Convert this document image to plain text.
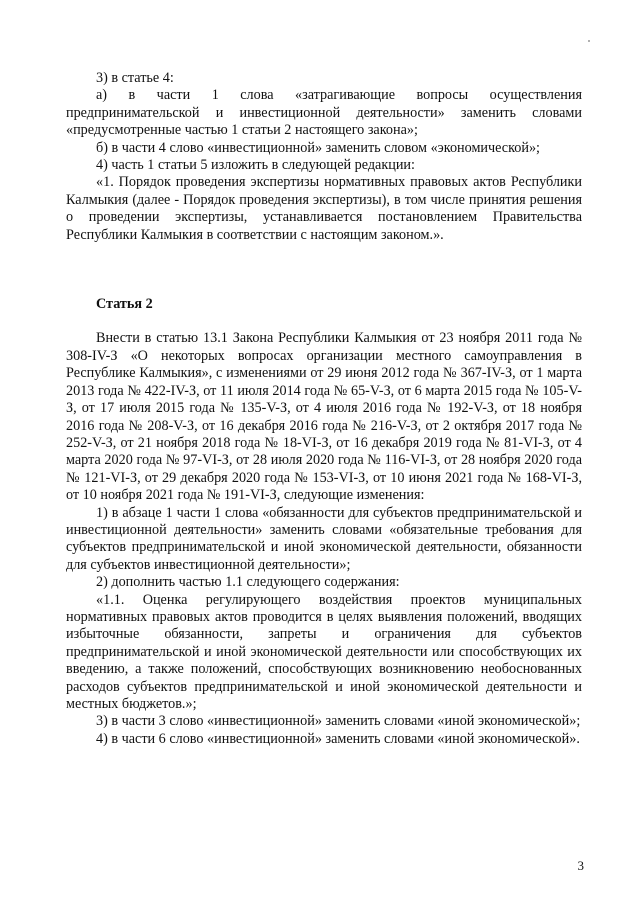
3) в статье 4:

а) в части 1 слова «затрагивающие вопросы осуществления предпринимательской и инвестиционной деятельности» заменить словами «предусмотренные частью 1 статьи 2 настоящего закона»;

б) в части 4 слово «инвестиционной» заменить словом «экономической»;

4) часть 1 статьи 5 изложить в следующей редакции:

«1. Порядок проведения экспертизы нормативных правовых актов Республики Калмыкия (далее - Порядок проведения экспертизы), в том числе принятия решения о проведении экспертизы, устанавливается постановлением Правительства Республики Калмыкия в соответствии с настоящим законом.».

Статья 2

Внести в статью 13.1 Закона Республики Калмыкия от 23 ноября 2011 года № 308-IV-З «О некоторых вопросах организации местного самоуправления в Республике Калмыкия», с изменениями от 29 июня 2012 года № 367-IV-З, от 1 марта 2013 года № 422-IV-З, от 11 июля 2014 года № 65-V-З, от 6 марта 2015 года № 105-V-З, от 17 июля 2015 года № 135-V-З, от 4 июля 2016 года № 192-V-З, от 18 ноября 2016 года № 208-V-З, от 16 декабря 2016 года № 216-V-З, от 2 октября 2017 года № 252-V-З, от 21 ноября 2018 года № 18-VI-З, от 16 декабря 2019 года № 81-VI-З, от 4 марта 2020 года № 97-VI-З, от 28 июля 2020 года № 116-VI-З, от 28 ноября 2020 года № 121-VI-З, от 29 декабря 2020 года № 153-VI-З, от 10 июня 2021 года № 168-VI-З, от 10 ноября 2021 года № 191-VI-З, следующие изменения:

1) в абзаце 1 части 1 слова «обязанности для субъектов предпринимательской и инвестиционной деятельности» заменить словами «обязательные требования для субъектов предпринимательской и иной экономической деятельности, обязанности для субъектов инвестиционной деятельности»;

2) дополнить частью 1.1 следующего содержания:

«1.1. Оценка регулирующего воздействия проектов муниципальных нормативных правовых актов проводится в целях выявления положений, вводящих избыточные обязанности, запреты и ограничения для субъектов предпринимательской и иной экономической деятельности или способствующих их введению, а также положений, способствующих возникновению необоснованных расходов субъектов предпринимательской и иной экономической деятельности и местных бюджетов.»;

3) в части 3 слово «инвестиционной» заменить словами «иной экономической»;

4) в части 6 слово «инвестиционной» заменить словами «иной экономической».

3
